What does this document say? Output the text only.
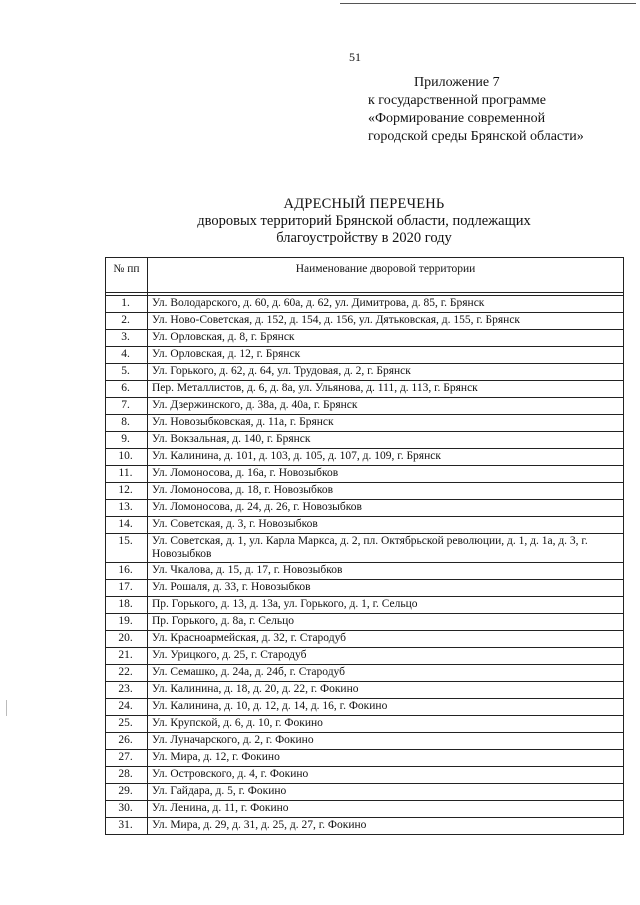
51
Приложение 7
к государственной программе
«Формирование современной
городской среды Брянской области»
АДРЕСНЫЙ ПЕРЕЧЕНЬ
дворовых территорий Брянской области, подлежащих
благоустройству в 2020 году
№ пп	Наименование дворовой территории

1.	Ул. Володарского, д. 60, д. 60а, д. 62, ул. Димитрова, д. 85, г. Брянск
2.	Ул. Ново-Советская, д. 152, д. 154, д. 156, ул. Дятьковская, д. 155, г. Брянск
3.	Ул. Орловская, д. 8, г. Брянск
4.	Ул. Орловская, д. 12, г. Брянск
5.	Ул. Горького, д. 62, д. 64, ул. Трудовая, д. 2, г. Брянск
6.	Пер. Металлистов, д. 6, д. 8а, ул. Ульянова, д. 111, д. 113, г. Брянск
7.	Ул. Дзержинского, д. 38а, д. 40а, г. Брянск
8.	Ул. Новозыбковская, д. 11а, г. Брянск
9.	Ул. Вокзальная, д. 140, г. Брянск
10.	Ул. Калинина, д. 101, д. 103, д. 105, д. 107, д. 109, г. Брянск
11.	Ул. Ломоносова, д. 16а, г. Новозыбков
12.	Ул. Ломоносова, д. 18, г. Новозыбков
13.	Ул. Ломоносова, д. 24, д. 26, г. Новозыбков
14.	Ул. Советская, д. 3, г. Новозыбков
15.	Ул. Советская, д. 1, ул. Карла Маркса, д. 2, пл. Октябрьской революции, д. 1, д. 1а, д. 3, г. Новозыбков
16.	Ул. Чкалова, д. 15, д. 17, г. Новозыбков
17.	Ул. Рошаля, д. 33, г. Новозыбков
18.	Пр. Горького, д. 13, д. 13а, ул. Горького, д. 1, г. Сельцо
19.	Пр. Горького, д. 8а, г. Сельцо
20.	Ул. Красноармейская, д. 32, г. Стародуб
21.	Ул. Урицкого, д. 25, г. Стародуб
22.	Ул. Семашко, д. 24а, д. 24б, г. Стародуб
23.	Ул. Калинина, д. 18, д. 20, д. 22, г. Фокино
24.	Ул. Калинина, д. 10, д. 12, д. 14, д. 16, г. Фокино
25.	Ул. Крупской, д. 6, д. 10, г. Фокино
26.	Ул. Луначарского, д. 2, г. Фокино
27.	Ул. Мира, д. 12, г. Фокино
28.	Ул. Островского, д. 4, г. Фокино
29.	Ул. Гайдара, д. 5, г. Фокино
30.	Ул. Ленина, д. 11, г. Фокино
31.	Ул. Мира, д. 29, д. 31, д. 25, д. 27, г. Фокино
